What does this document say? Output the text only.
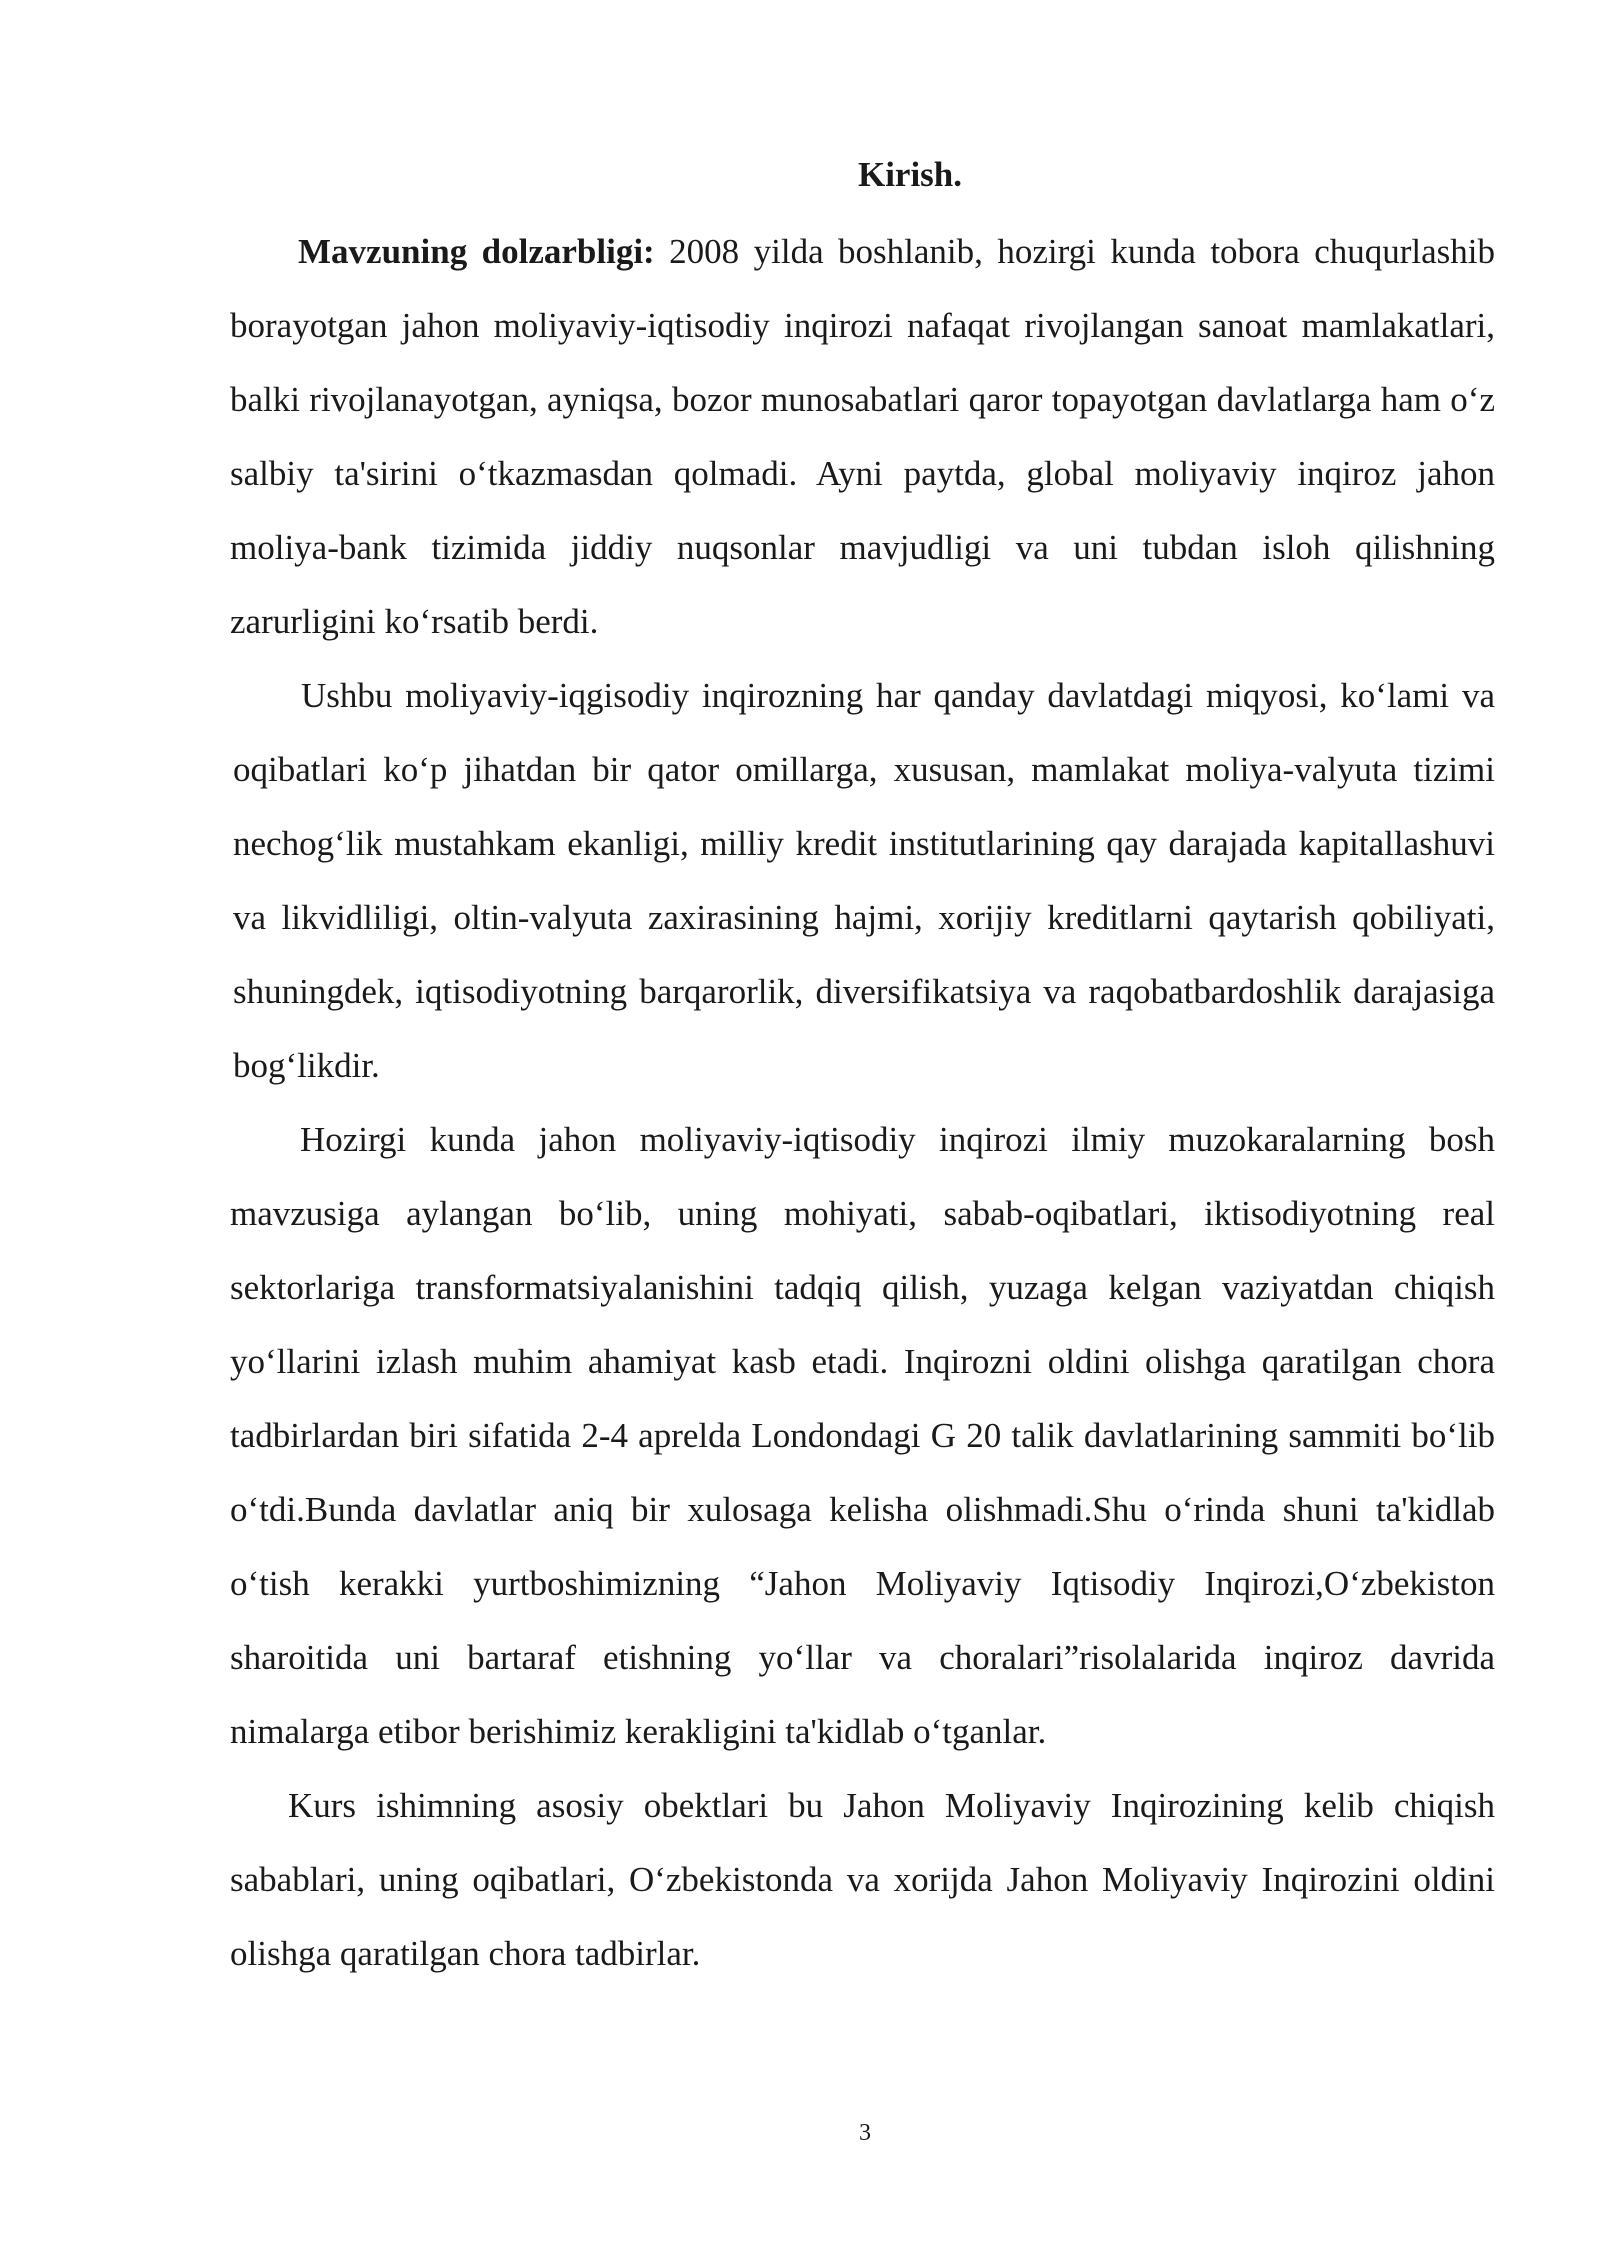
Kirish.

Mavzuning dolzarbligi: 2008 yilda boshlanib, hozirgi kunda tobora chuqurlashib borayotgan jahon moliyaviy-iqtisodiy inqirozi nafaqat rivojlangan sanoat mamlakatlari, balki rivojlanayotgan, ayniqsa, bozor munosabatlari qaror topayotgan davlatlarga ham o‘z salbiy ta'sirini o‘tkazmasdan qolmadi. Ayni paytda, global moliyaviy inqiroz jahon moliya-bank tizimida jiddiy nuqsonlar mavjudligi va uni tubdan isloh qilishning zarurligini ko‘rsatib berdi.

Ushbu moliyaviy-iqgisodiy inqirozning har qanday davlatdagi miqyosi, ko‘lami va oqibatlari ko‘p jihatdan bir qator omillarga, xususan, mamlakat moliya-valyuta tizimi nechog‘lik mustahkam ekanligi, milliy kredit institutlarining qay darajada kapitallashuvi va likvidliligi, oltin-valyuta zaxirasining hajmi, xorijiy kreditlarni qaytarish qobiliyati, shuningdek, iqtisodiyotning barqarorlik, diversifikatsiya va raqobatbardoshlik darajasiga bog‘likdir.

Hozirgi kunda jahon moliyaviy-iqtisodiy inqirozi ilmiy muzokaralarning bosh mavzusiga aylangan bo‘lib, uning mohiyati, sabab-oqibatlari, iktisodiyotning real sektorlariga transformatsiyalanishini tadqiq qilish, yuzaga kelgan vaziyatdan chiqish yo‘llarini izlash muhim ahamiyat kasb etadi. Inqirozni oldini olishga qaratilgan chora tadbirlardan biri sifatida 2-4 aprelda Londondagi G 20 talik davlatlarining sammiti bo‘lib o‘tdi.Bunda davlatlar aniq bir xulosaga kelisha olishmadi.Shu o‘rinda shuni ta'kidlab o‘tish kerakki yurtboshimizning “Jahon Moliyaviy Iqtisodiy Inqirozi,O‘zbekiston sharoitida uni bartaraf etishning yo‘llar va choralari”risolalarida inqiroz davrida nimalarga etibor berishimiz kerakligini ta'kidlab o‘tganlar.

Kurs ishimning asosiy obektlari bu Jahon Moliyaviy Inqirozining kelib chiqish sabablari, uning oqibatlari, O‘zbekistonda va xorijda Jahon Moliyaviy Inqirozini oldini olishga qaratilgan chora tadbirlar.

3
